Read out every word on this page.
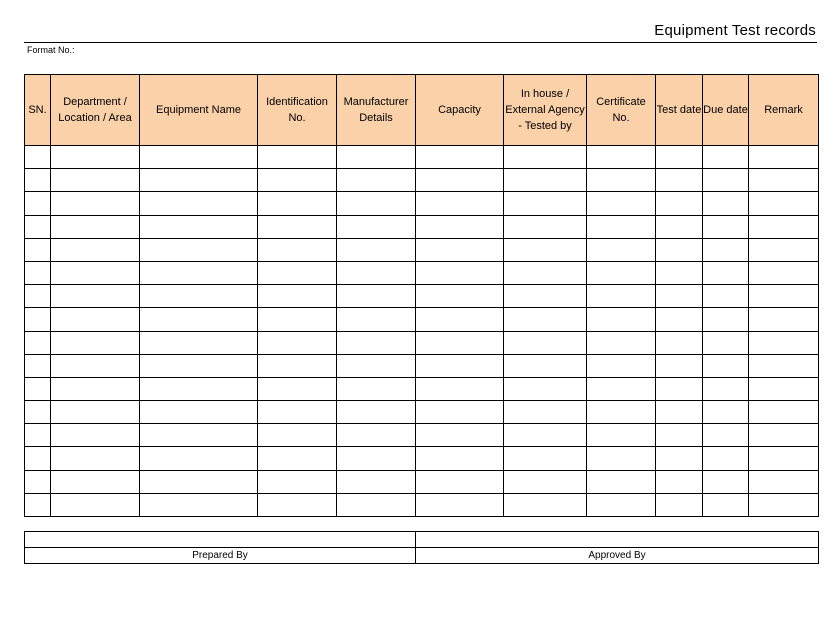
Equipment Test records
Format No.:
SN.	Department / Location / Area	Equipment Name	Identification No.	Manufacturer Details	Capacity	In house / External Agency - Tested by	Certificate No.	Test date	Due date	Remark

Prepared By	Approved By
